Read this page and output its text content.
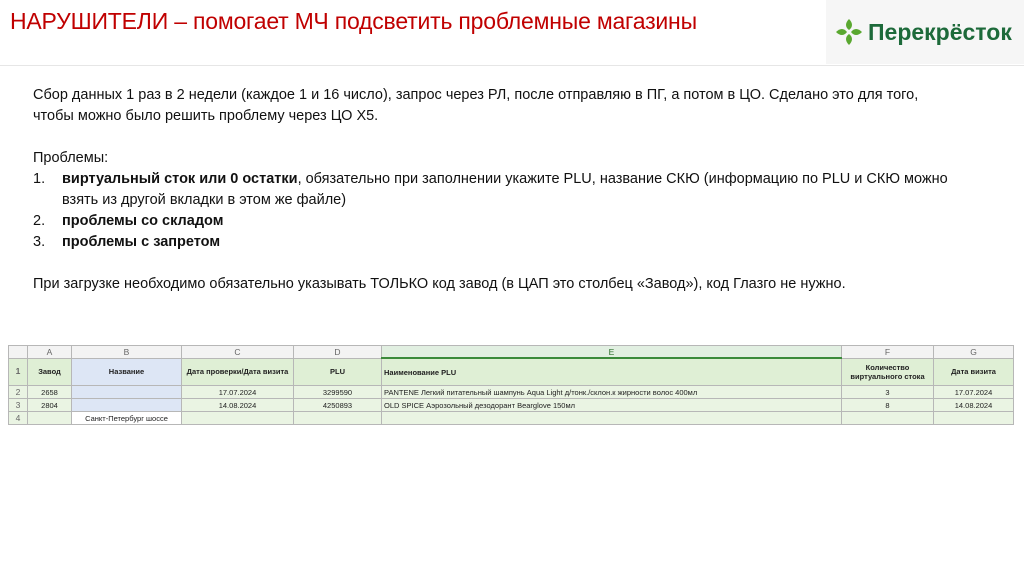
НАРУШИТЕЛИ – помогает МЧ подсветить проблемные магазины	Перекрёсток

Сбор данных 1 раз в 2 недели (каждое 1 и 16 число), запрос через РЛ, после отправляю в ПГ, а потом в ЦО. Сделано это для того, чтобы можно было решить проблему через ЦО Х5.

Проблемы:

1. виртуальный сток или 0 остатки, обязательно при заполнении укажите PLU, название СКЮ (информацию по PLU и СКЮ можно взять из другой вкладки в этом же файле)
2. проблемы со складом
3. проблемы с запретом

При загрузке необходимо обязательно указывать ТОЛЬКО код завод (в ЦАП это столбец «Завод»), код Глазго не нужно.

	A	B	C	D	E	F	G
1	Завод	Название	Дата проверки/Дата визита	PLU	Наименование PLU	Количество виртуального стока	Дата визита
2	2658		17.07.2024	3299590	PANTENE Легкий питательный шампунь Aqua Light д/тонк./склон.к жирности волос 400мл	3	17.07.2024
3	2804		14.08.2024	4250893	OLD SPICE Аэрозольный дезодорант Bearglove 150мл	8	14.08.2024
4		Санкт-Петербург шоссе					
